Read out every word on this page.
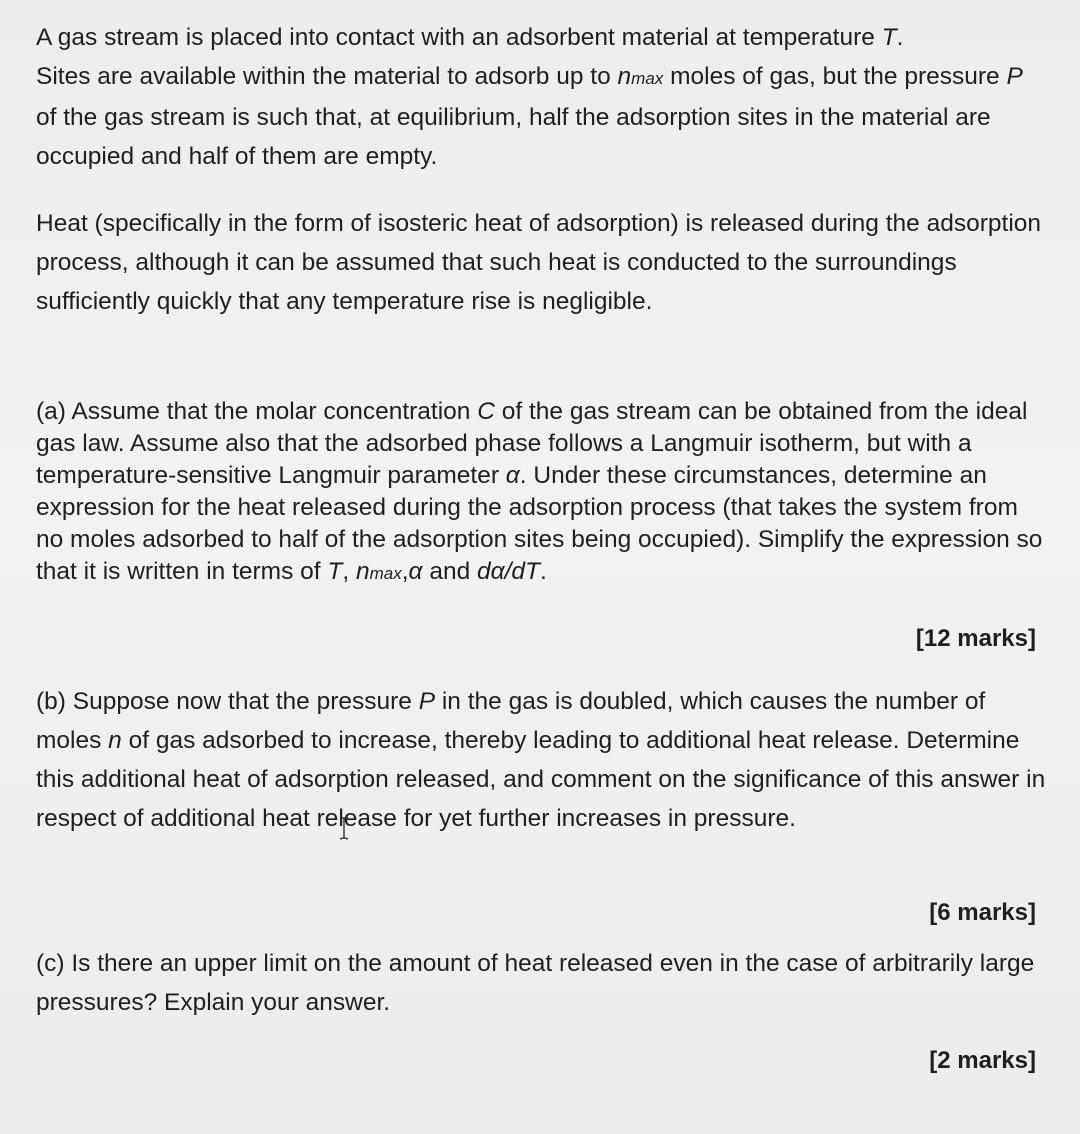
A gas stream is placed into contact with an adsorbent material at temperature T.
Sites are available within the material to adsorb up to nmax moles of gas, but the pressure P of the gas stream is such that, at equilibrium, half the adsorption sites in the material are occupied and half of them are empty.

Heat (specifically in the form of isosteric heat of adsorption) is released during the adsorption process, although it can be assumed that such heat is conducted to the surroundings sufficiently quickly that any temperature rise is negligible.

(a) Assume that the molar concentration C of the gas stream can be obtained from the ideal gas law. Assume also that the adsorbed phase follows a Langmuir isotherm, but with a temperature-sensitive Langmuir parameter α. Under these circumstances, determine an expression for the heat released during the adsorption process (that takes the system from no moles adsorbed to half of the adsorption sites being occupied). Simplify the expression so that it is written in terms of T, nmax,α and dα/dT.

[12 marks]

(b) Suppose now that the pressure P in the gas is doubled, which causes the number of moles n of gas adsorbed to increase, thereby leading to additional heat release. Determine this additional heat of adsorption released, and comment on the significance of this answer in respect of additional heat release for yet further increases in pressure.

[6 marks]

(c) Is there an upper limit on the amount of heat released even in the case of arbitrarily large pressures? Explain your answer.

[2 marks]
